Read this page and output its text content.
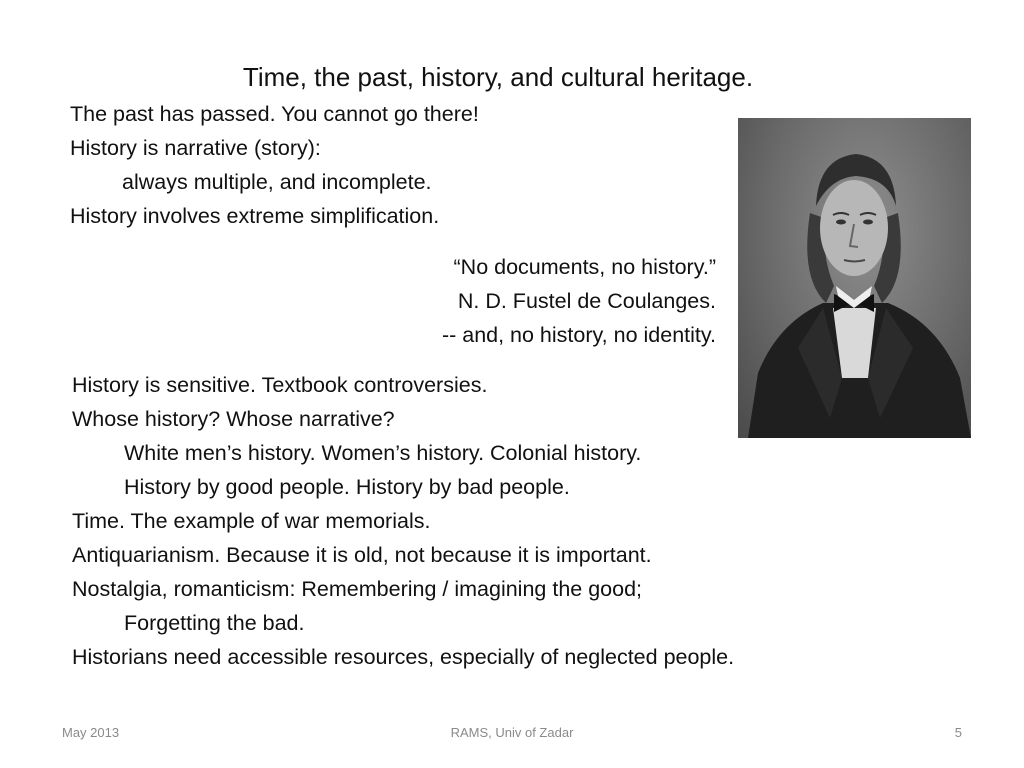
Time, the past, history, and cultural heritage.
The past has passed. You cannot go there!
History is narrative (story):
always multiple, and incomplete.
History involves extreme simplification.
“No documents, no history.”
N. D. Fustel de Coulanges.
-- and, no history, no identity.
History is sensitive. Textbook controversies.
Whose history? Whose narrative?
White men’s history. Women’s history. Colonial history.
History by good people. History by bad people.
Time. The example of war memorials.
Antiquarianism. Because it is old, not because it is important.
Nostalgia, romanticism: Remembering / imagining the good;
Forgetting the bad.
Historians need accessible resources, especially of neglected people.
May 2013	RAMS, Univ of Zadar	5
